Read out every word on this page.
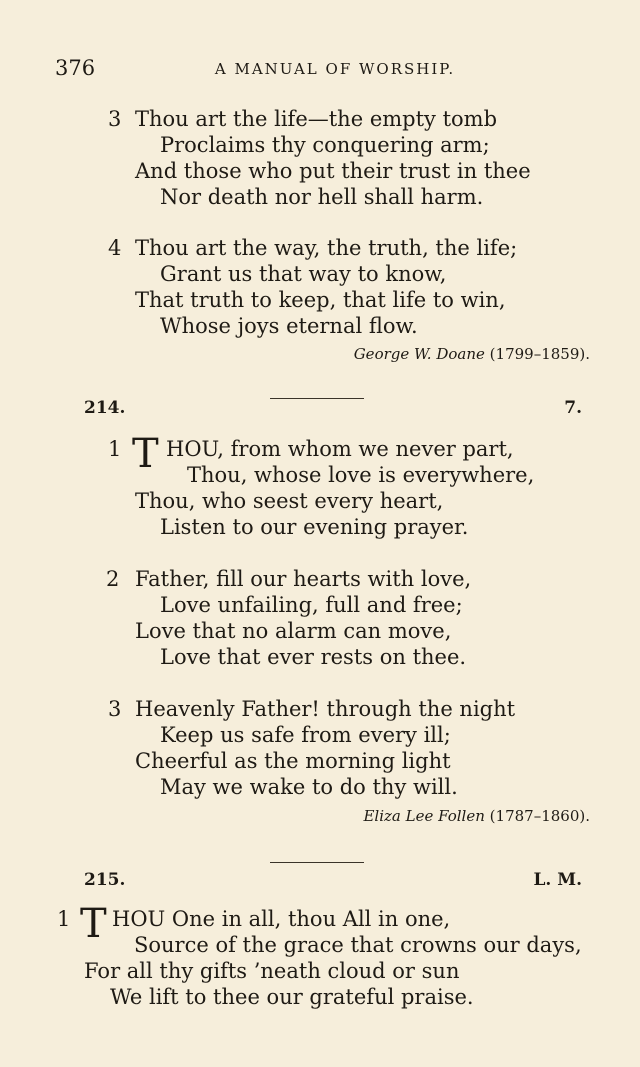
376	A MANUAL OF WORSHIP.
3 Thou art the life—the empty tomb
Proclaims thy conquering arm;
And those who put their trust in thee
Nor death nor hell shall harm.
4 Thou art the way, the truth, the life;
Grant us that way to know,
That truth to keep, that life to win,
Whose joys eternal flow.
George W. Doane (1799–1859).
214.	7.
1 T HOU, from whom we never part,
Thou, whose love is everywhere,
Thou, who seest every heart,
Listen to our evening prayer.
2 Father, fill our hearts with love,
Love unfailing, full and free;
Love that no alarm can move,
Love that ever rests on thee.
3 Heavenly Father! through the night
Keep us safe from every ill;
Cheerful as the morning light
May we wake to do thy will.
Eliza Lee Follen (1787–1860).
215.	L. M.
1 T HOU One in all, thou All in one,
Source of the grace that crowns our days,
For all thy gifts ’neath cloud or sun
We lift to thee our grateful praise.
